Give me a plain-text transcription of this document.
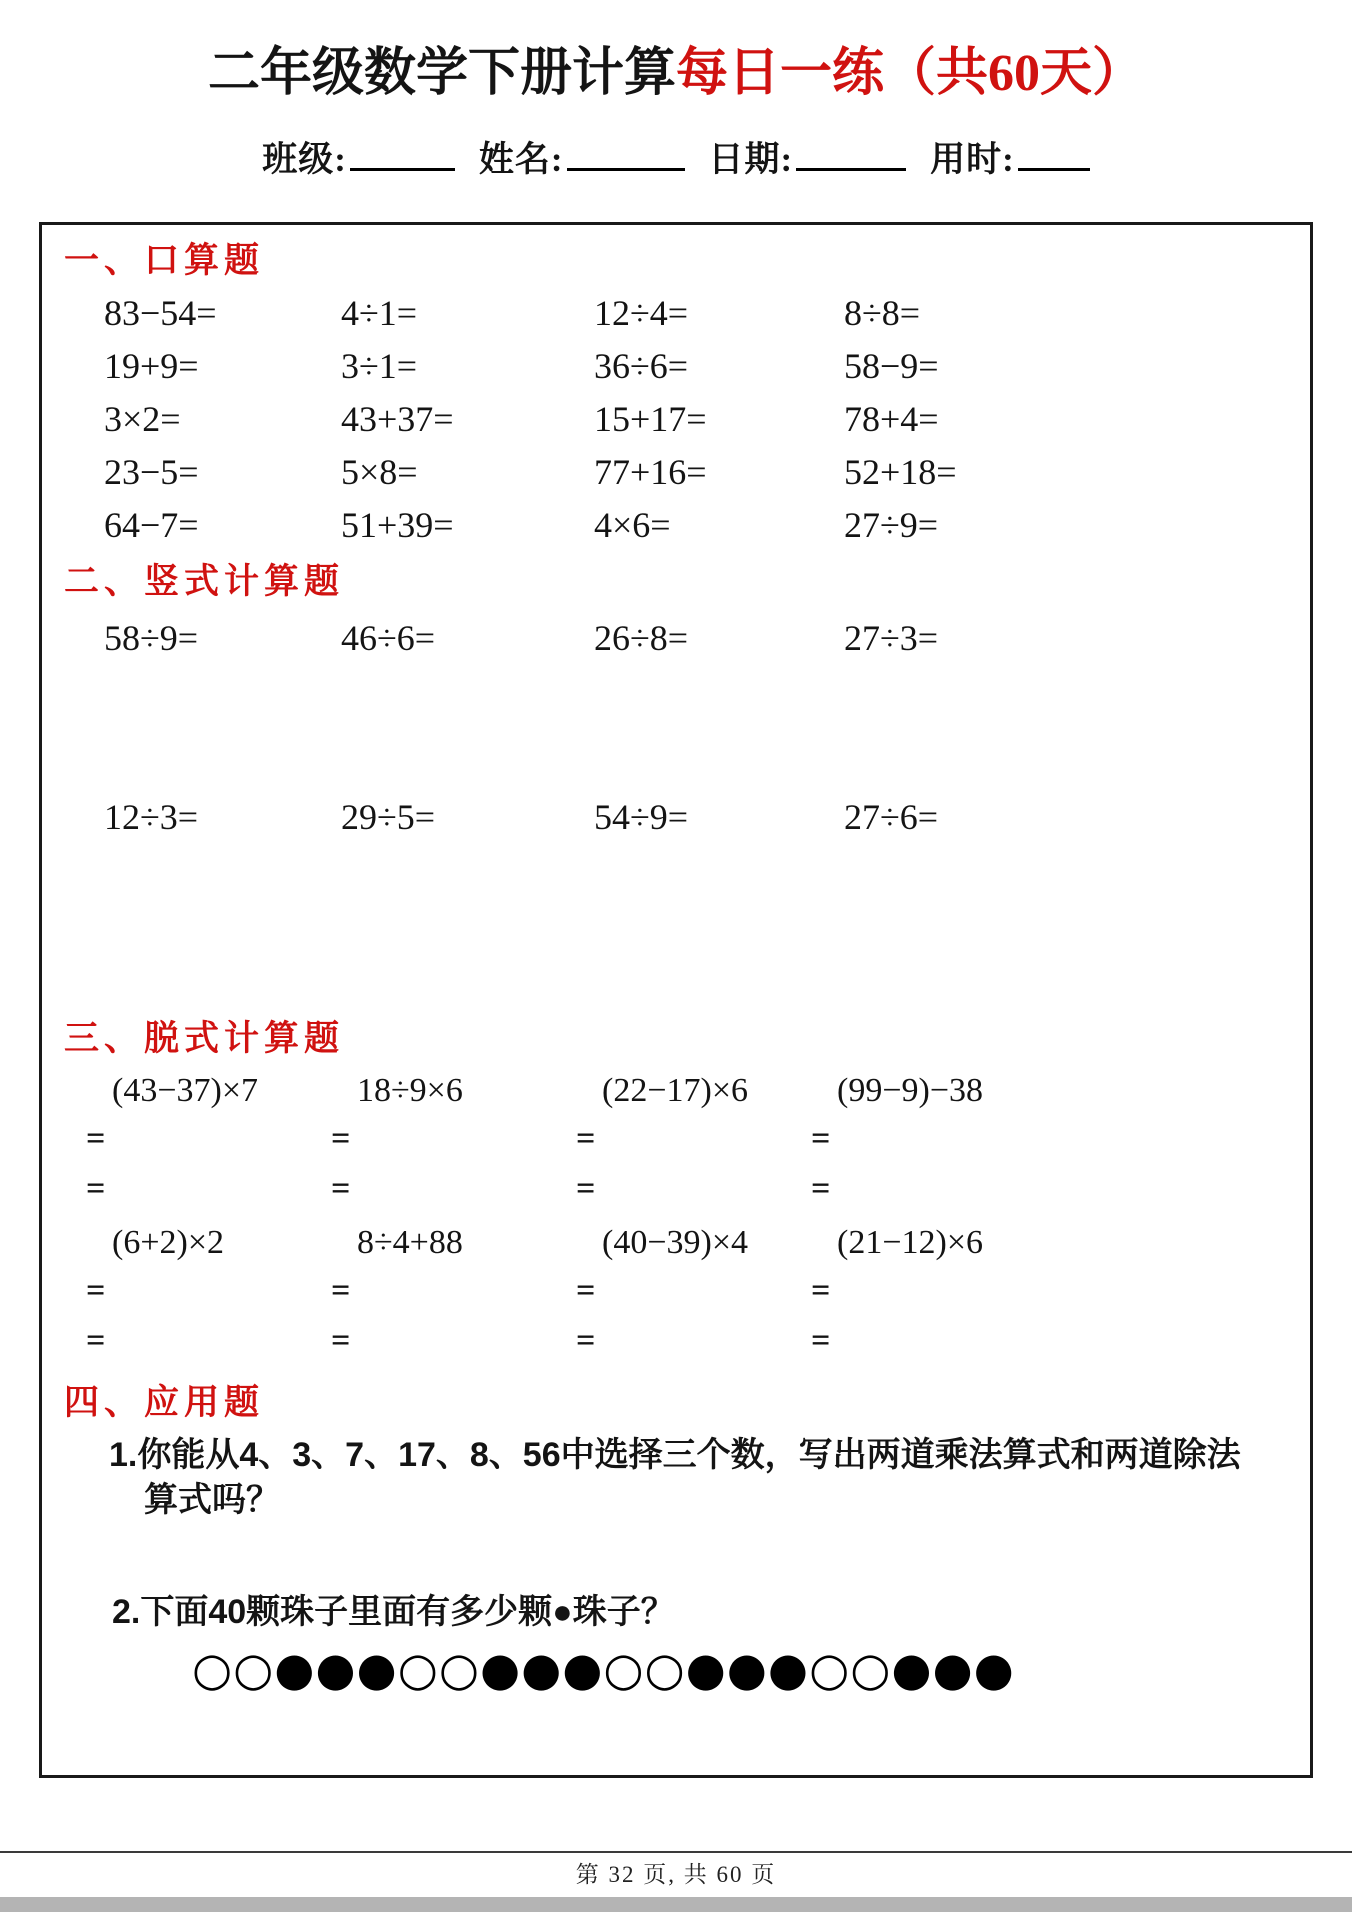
二年级数学下册计算每日一练（共60天）
班级:	姓名:	日期:	用时:
一、口算题
83−54=	4÷1=	12÷4=	8÷8=
19+9=	3÷1=	36÷6=	58−9=
3×2=	43+37=	15+17=	78+4=
23−5=	5×8=	77+16=	52+18=
64−7=	51+39=	4×6=	27÷9=
二、竖式计算题
58÷9=	46÷6=	26÷8=	27÷3=
12÷3=	29÷5=	54÷9=	27÷6=
三、脱式计算题
(43−37)×7	18÷9×6	(22−17)×6	(99−9)−38
=	=	=	=
=	=	=	=
(6+2)×2	8÷4+88	(40−39)×4	(21−12)×6
=	=	=	=
=	=	=	=
四、应用题

1.你能从4、3、7、17、8、56中选择三个数，写出两道乘法算式和两道除法算式吗？

2.下面40颗珠子里面有多少颗●珠子？

○○●●●○○●●●○○●●●○○●●●
第 32 页, 共 60 页
